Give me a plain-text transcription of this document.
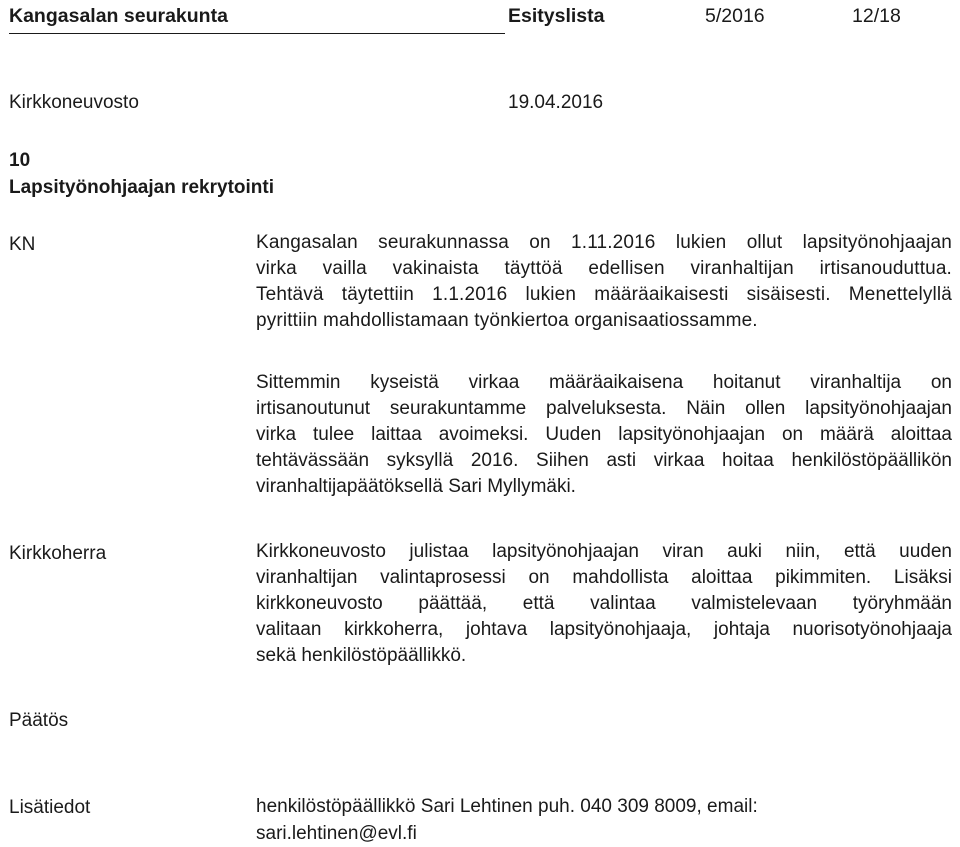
Kangasalan seurakunta	Esityslista	5/2016	12/18
Kirkkoneuvosto	19.04.2016
10
Lapsityönohjaajan rekrytointi
KN	Kangasalan seurakunnassa on 1.11.2016 lukien ollut lapsityönohjaajan
virka vailla vakinaista täyttöä edellisen viranhaltijan irtisanouduttua.
Tehtävä täytettiin 1.1.2016 lukien määräaikaisesti sisäisesti. Menettelyllä
pyrittiin mahdollistamaan työnkiertoa organisaatiossamme.
Sittemmin kyseistä virkaa määräaikaisena hoitanut viranhaltija on
irtisanoutunut seurakuntamme palveluksesta. Näin ollen lapsityönohjaajan
virka tulee laittaa avoimeksi. Uuden lapsityönohjaajan on määrä aloittaa
tehtävässään syksyllä 2016. Siihen asti virkaa hoitaa henkilöstöpäällikön
viranhaltijapäätöksellä Sari Myllymäki.
Kirkkoherra	Kirkkoneuvosto julistaa lapsityönohjaajan viran auki niin, että uuden
viranhaltijan valintaprosessi on mahdollista aloittaa pikimmiten. Lisäksi
kirkkoneuvosto päättää, että valintaa valmistelevaan työryhmään
valitaan kirkkoherra, johtava lapsityönohjaaja, johtaja nuorisotyönohjaaja
sekä henkilöstöpäällikkö.
Päätös
Lisätiedot	henkilöstöpäällikkö Sari Lehtinen puh. 040 309 8009, email:
sari.lehtinen@evl.fi
